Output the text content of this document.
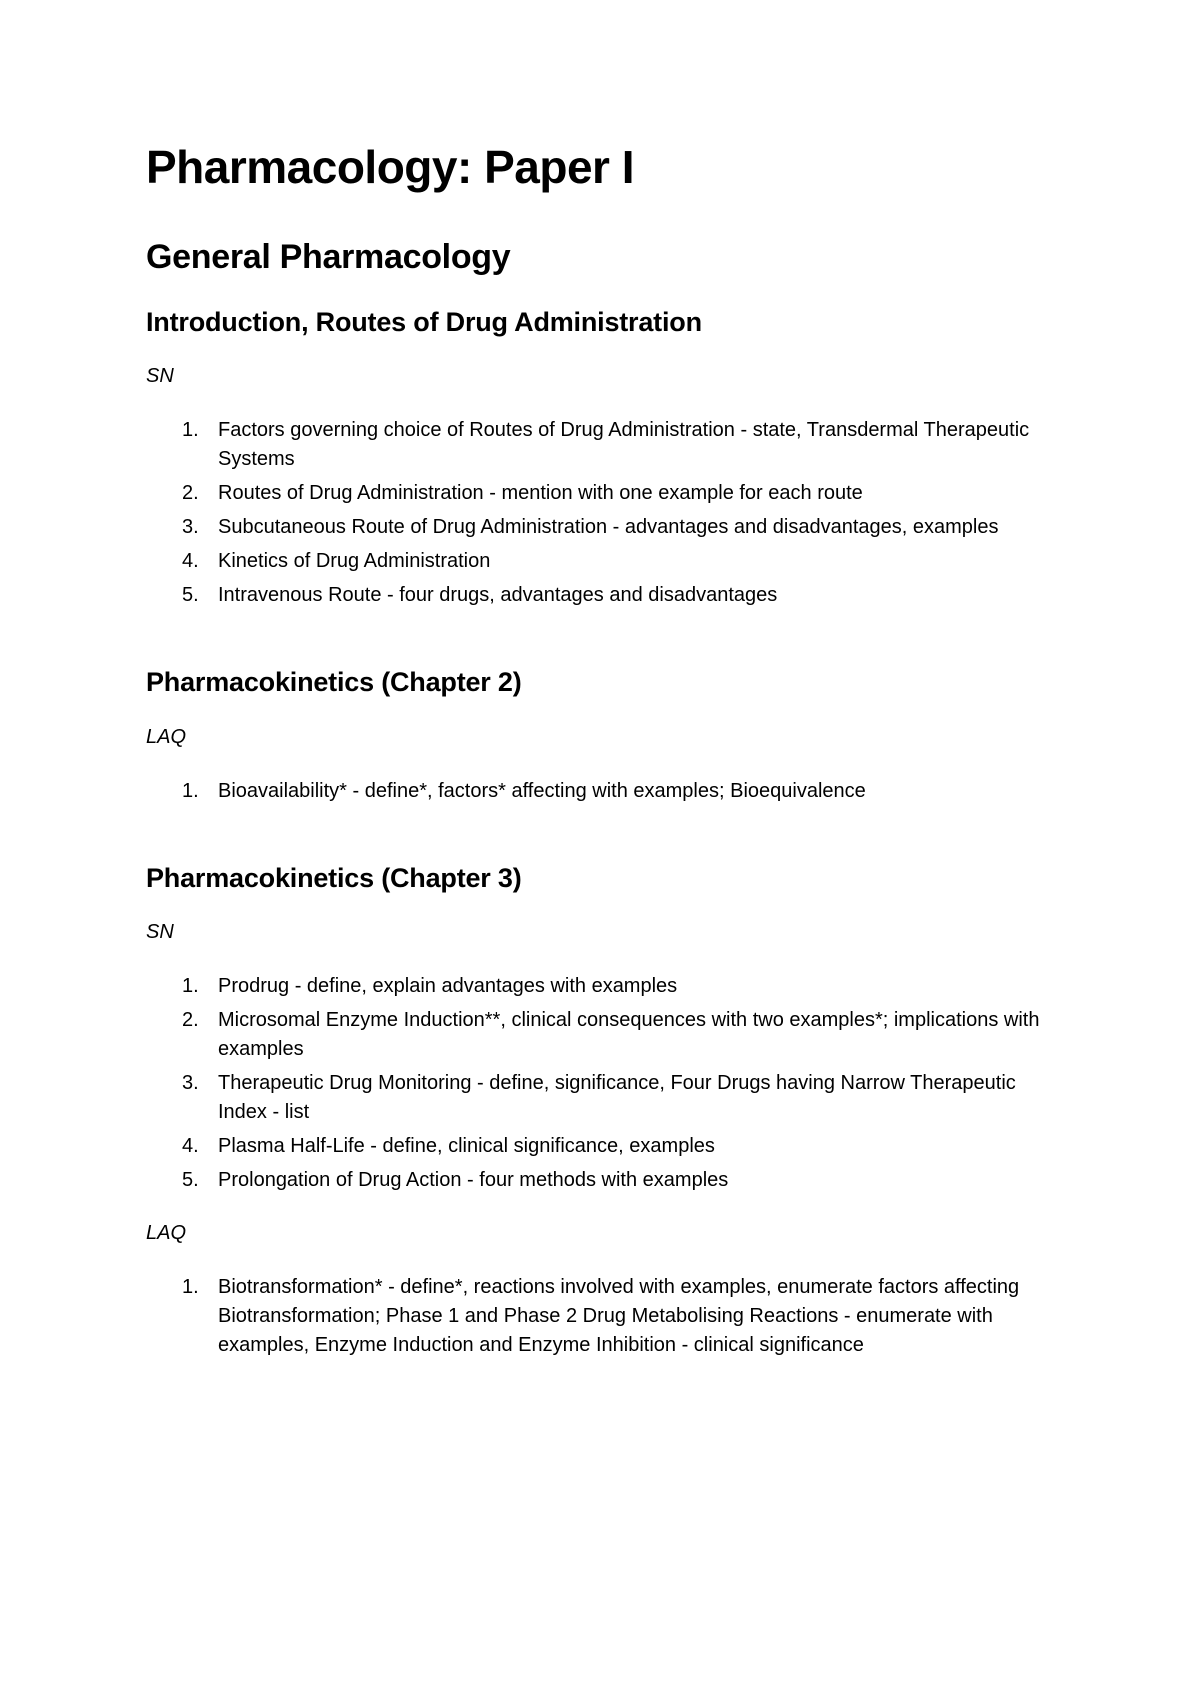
Pharmacology: Paper I
General Pharmacology
Introduction, Routes of Drug Administration
SN
1. Factors governing choice of Routes of Drug Administration - state, Transdermal Therapeutic Systems
2. Routes of Drug Administration - mention with one example for each route
3. Subcutaneous Route of Drug Administration - advantages and disadvantages, examples
4. Kinetics of Drug Administration
5. Intravenous Route - four drugs, advantages and disadvantages
Pharmacokinetics (Chapter 2)
LAQ
1. Bioavailability* - define*, factors* affecting with examples; Bioequivalence
Pharmacokinetics (Chapter 3)
SN
1. Prodrug - define, explain advantages with examples
2. Microsomal Enzyme Induction**, clinical consequences with two examples*; implications with examples
3. Therapeutic Drug Monitoring - define, significance, Four Drugs having Narrow Therapeutic Index - list
4. Plasma Half-Life - define, clinical significance, examples
5. Prolongation of Drug Action - four methods with examples
LAQ
1. Biotransformation* - define*, reactions involved with examples, enumerate factors affecting Biotransformation; Phase 1 and Phase 2 Drug Metabolising Reactions - enumerate with examples, Enzyme Induction and Enzyme Inhibition - clinical significance
